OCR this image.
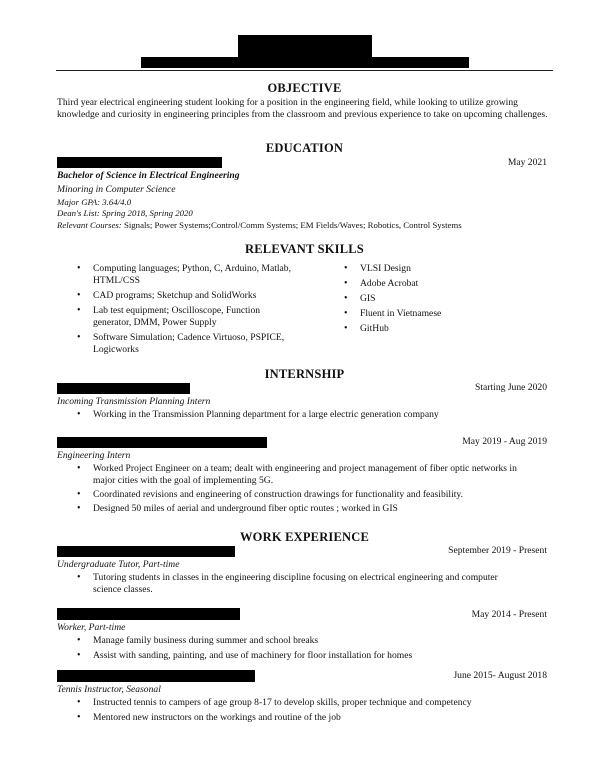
OBJECTIVE
Third year electrical engineering student looking for a position in the engineering field, while looking to utilize growing knowledge and curiosity in engineering principles from the classroom and previous experience to take on upcoming challenges.
EDUCATION
May 2021
Bachelor of Science in Electrical Engineering
Minoring in Computer Science
Major GPA: 3.64/4.0
Dean's List: Spring 2018, Spring 2020
Relevant Courses: Signals; Power Systems;Control/Comm Systems; EM Fields/Waves; Robotics, Control Systems
RELEVANT SKILLS
• Computing languages; Python, C, Arduino, Matlab, HTML/CSS
• CAD programs; Sketchup and SolidWorks
• Lab test equipment; Oscilloscope, Function generator, DMM, Power Supply
• Software Simulation; Cadence Virtuoso, PSPICE, Logicworks
• VLSI Design
• Adobe Acrobat
• GIS
• Fluent in Vietnamese
• GitHub
INTERNSHIP
Starting June 2020
Incoming Transmission Planning Intern
• Working in the Transmission Planning department for a large electric generation company
May 2019 - Aug 2019
Engineering Intern
• Worked Project Engineer on a team; dealt with engineering and project management of fiber optic networks in major cities with the goal of implementing 5G.
• Coordinated revisions and engineering of construction drawings for functionality and feasibility.
• Designed 50 miles of aerial and underground fiber optic routes ; worked in GIS
WORK EXPERIENCE
September 2019 - Present
Undergraduate Tutor, Part-time
• Tutoring students in classes in the engineering discipline focusing on electrical engineering and computer science classes.
May 2014 - Present
Worker, Part-time
• Manage family business during summer and school breaks
• Assist with sanding, painting, and use of machinery for floor installation for homes
June 2015- August 2018
Tennis Instructor, Seasonal
• Instructed tennis to campers of age group 8-17 to develop skills, proper technique and competency
• Mentored new instructors on the workings and routine of the job
